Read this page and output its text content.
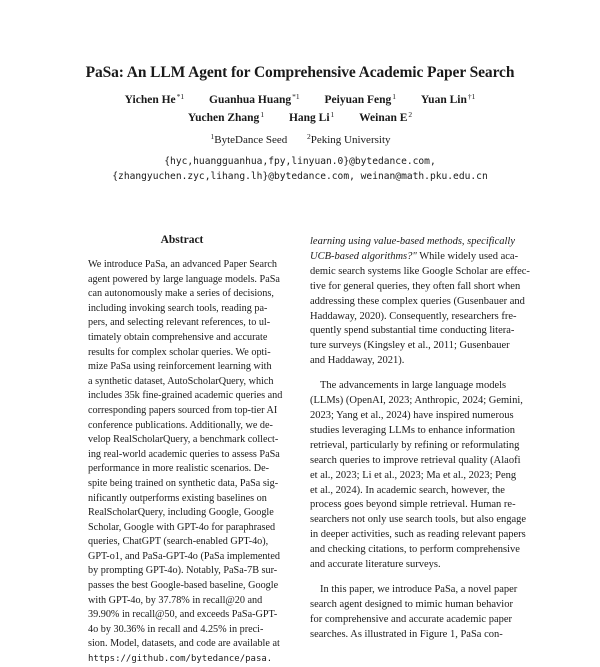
PaSa: An LLM Agent for Comprehensive Academic Paper Search
Yichen He$^{*1}$ Guanhua Huang$^{*1}$ Peiyuan Feng$^1$ Yuan Lin$^{\dagger 1}$
Yuchen Zhang$^1$ Hang Li$^1$ Weinan $E^2$
$^1$ByteDance Seed	$^2$Peking University
{hyc,huangguanhua,fpy,linyuan.0}@bytedance.com,
{zhangyuchen.zyc,lihang.lh}@bytedance.com, weinan@math.pku.edu.cn
Abstract
We introduce PaSa, an advanced Paper Search
agent powered by large language models. PaSa
can autonomously make a series of decisions,
including invoking search tools, reading pa-
pers, and selecting relevant references, to ul-
timately obtain comprehensive and accurate
results for complex scholar queries. We opti-
mize PaSa using reinforcement learning with
a synthetic dataset, AutoScholarQuery, which
includes 35k fine-grained academic queries and
corresponding papers sourced from top-tier AI
conference publications. Additionally, we de-
velop RealScholarQuery, a benchmark collect-
ing real-world academic queries to assess PaSa
performance in more realistic scenarios. De-
spite being trained on synthetic data, PaSa sig-
nificantly outperforms existing baselines on
RealScholarQuery, including Google, Google
Scholar, Google with GPT-4o for paraphrased
queries, ChatGPT (search-enabled GPT-4o),
GPT-o1, and PaSa-GPT-4o (PaSa implemented
by prompting GPT-4o). Notably, PaSa-7B sur-
passes the best Google-based baseline, Google
with GPT-4o, by 37.78% in recall@20 and
39.90% in recall@50, and exceeds PaSa-GPT-
4o by 30.36% in recall and 4.25% in preci-
sion. Model, datasets, and code are available at
https://github.com/bytedance/pasa.
learning using value-based methods, specifically
UCB-based algorithms?" While widely used aca-
demic search systems like Google Scholar are effec-
tive for general queries, they often fall short when
addressing these complex queries (Gusenbauer and
Haddaway, 2020). Consequently, researchers fre-
quently spend substantial time conducting litera-
ture surveys (Kingsley et al., 2011; Gusenbauer
and Haddaway, 2021).
The advancements in large language models
(LLMs) (OpenAI, 2023; Anthropic, 2024; Gemini,
2023; Yang et al., 2024) have inspired numerous
studies leveraging LLMs to enhance information
retrieval, particularly by refining or reformulating
search queries to improve retrieval quality (Alaofi
et al., 2023; Li et al., 2023; Ma et al., 2023; Peng
et al., 2024). In academic search, however, the
process goes beyond simple retrieval. Human re-
searchers not only use search tools, but also engage
in deeper activities, such as reading relevant papers
and checking citations, to perform comprehensive
and accurate literature surveys.
In this paper, we introduce PaSa, a novel paper
search agent designed to mimic human behavior
for comprehensive and accurate academic paper
searches. As illustrated in Figure 1, PaSa con-
